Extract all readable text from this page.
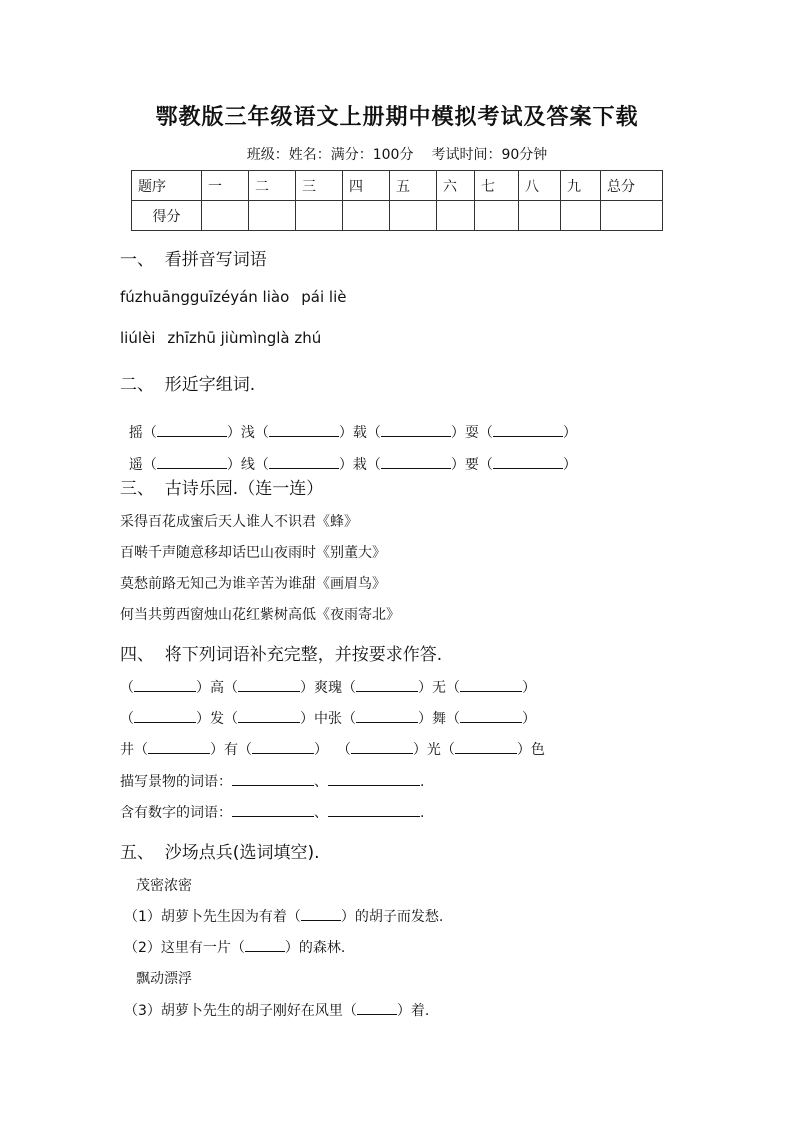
鄂教版三年级语文上册期中模拟考试及答案下载
班级：姓名：满分：100分 考试时间：90分钟
题序	一	二	三	四	五	六	七	八	九	总分
得分										
一、  看拼音写词语
fúzhuāngguīzéyán liào pái liè
liúlèi zhīzhū jiùmìnglà zhú
二、  形近字组词.

摇（	）浅（	）载（	）耍（	）

遥（	）线（	）栽（	）要（	）
三、  古诗乐园.（连一连）
采得百花成蜜后天人谁人不识君《蜂》
百啭千声随意移却话巴山夜雨时《别董大》
莫愁前路无知己为谁辛苦为谁甜《画眉鸟》
何当共剪西窗烛山花红紫树高低《夜雨寄北》
四、  将下列词语补充完整，并按要求作答.
（	）高（	）爽瑰（	）无（	）
（	）发（	）中张（	）舞（	）
井（	）有（	）  （	）光（	）色
描写景物的词语：	、	.
含有数字的词语：	、	.
五、  沙场点兵(选词填空).
茂密浓密
（1）胡萝卜先生因为有着（	）的胡子而发愁.
（2）这里有一片（	）的森林.
飘动漂浮
（3）胡萝卜先生的胡子刚好在风里（	）着.
